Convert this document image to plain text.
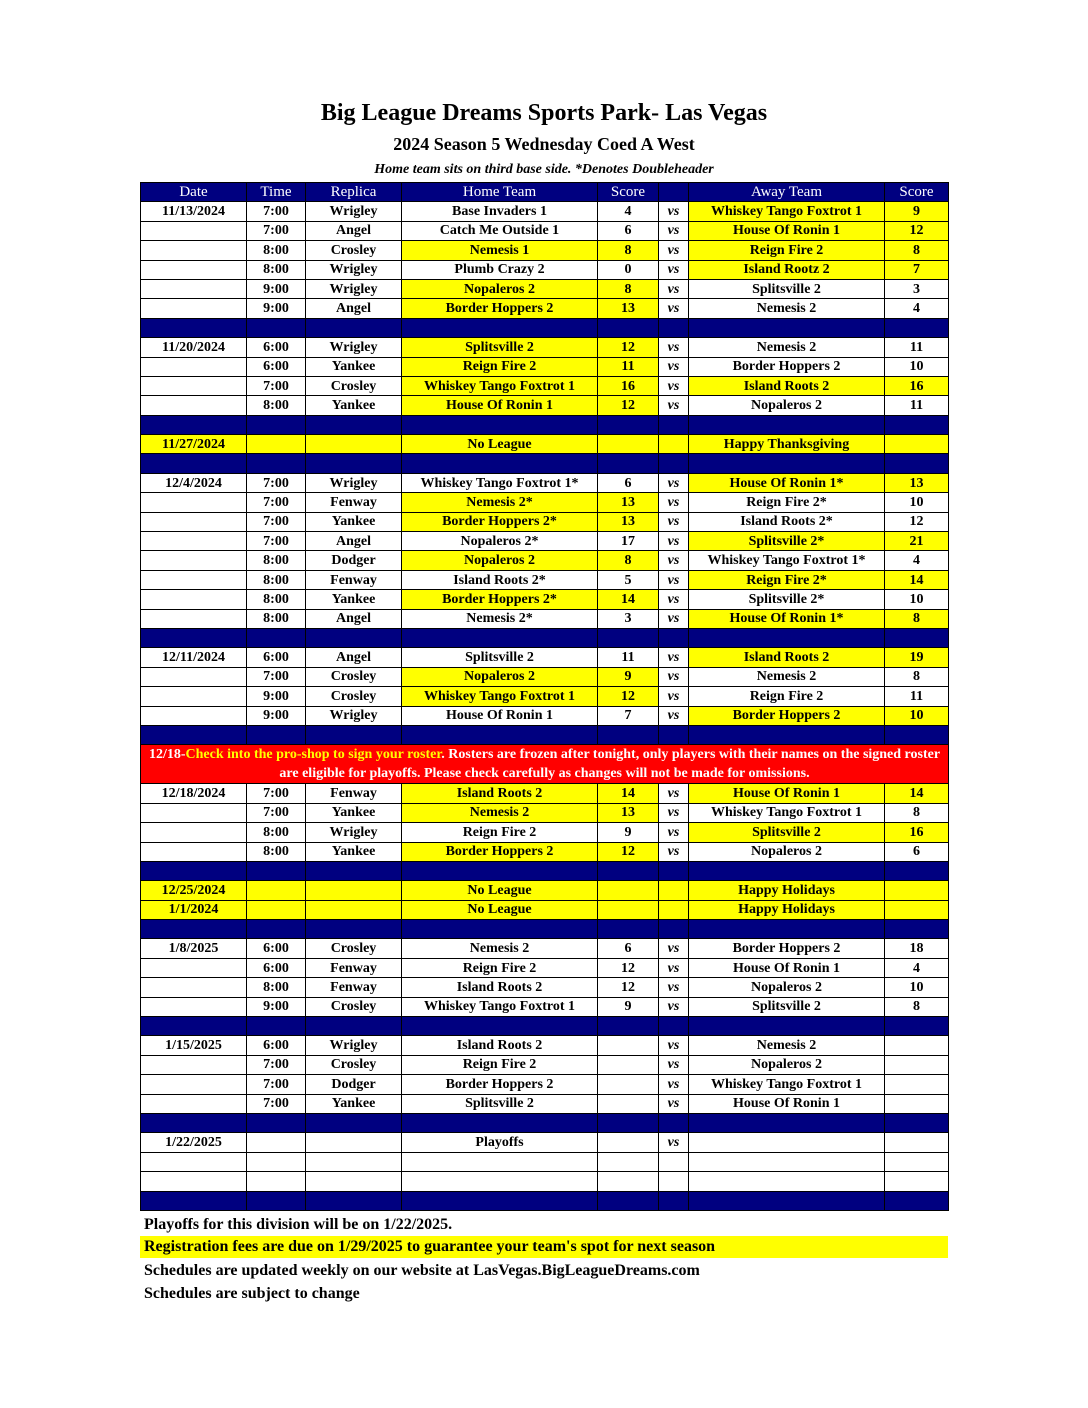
Big League Dreams Sports Park- Las Vegas
2024 Season 5 Wednesday Coed A West
Home team sits on third base side. *Denotes Doubleheader
Date	Time	Replica	Home Team	Score		Away Team	Score
11/13/2024	7:00	Wrigley	Base Invaders 1	4	vs	Whiskey Tango Foxtrot 1	9
	7:00	Angel	Catch Me Outside 1	6	vs	House Of Ronin 1	12
	8:00	Crosley	Nemesis 1	8	vs	Reign Fire 2	8
	8:00	Wrigley	Plumb Crazy 2	0	vs	Island Rootz 2	7
	9:00	Wrigley	Nopaleros 2	8	vs	Splitsville 2	3
	9:00	Angel	Border Hoppers 2	13	vs	Nemesis 2	4

11/20/2024	6:00	Wrigley	Splitsville 2	12	vs	Nemesis 2	11
	6:00	Yankee	Reign Fire 2	11	vs	Border Hoppers 2	10
	7:00	Crosley	Whiskey Tango Foxtrot 1	16	vs	Island Roots 2	16
	8:00	Yankee	House Of Ronin 1	12	vs	Nopaleros 2	11

11/27/2024			No League			Happy Thanksgiving	

12/4/2024	7:00	Wrigley	Whiskey Tango Foxtrot 1*	6	vs	House Of Ronin 1*	13
	7:00	Fenway	Nemesis 2*	13	vs	Reign Fire 2*	10
	7:00	Yankee	Border Hoppers 2*	13	vs	Island Roots 2*	12
	7:00	Angel	Nopaleros 2*	17	vs	Splitsville 2*	21
	8:00	Dodger	Nopaleros 2	8	vs	Whiskey Tango Foxtrot 1*	4
	8:00	Fenway	Island Roots 2*	5	vs	Reign Fire 2*	14
	8:00	Yankee	Border Hoppers 2*	14	vs	Splitsville 2*	10
	8:00	Angel	Nemesis 2*	3	vs	House Of Ronin 1*	8

12/11/2024	6:00	Angel	Splitsville 2	11	vs	Island Roots 2	19
	7:00	Crosley	Nopaleros 2	9	vs	Nemesis 2	8
	9:00	Crosley	Whiskey Tango Foxtrot 1	12	vs	Reign Fire 2	11
	9:00	Wrigley	House Of Ronin 1	7	vs	Border Hoppers 2	10

12/18-Check into the pro-shop to sign your roster. Rosters are frozen after tonight, only players with their names on the signed roster are eligible for playoffs. Please check carefully as changes will not be made for omissions.							
12/18/2024	7:00	Fenway	Island Roots 2	14	vs	House Of Ronin 1	14
	7:00	Yankee	Nemesis 2	13	vs	Whiskey Tango Foxtrot 1	8
	8:00	Wrigley	Reign Fire 2	9	vs	Splitsville 2	16
	8:00	Yankee	Border Hoppers 2	12	vs	Nopaleros 2	6

12/25/2024			No League			Happy Holidays	
1/1/2024			No League			Happy Holidays	

1/8/2025	6:00	Crosley	Nemesis 2	6	vs	Border Hoppers 2	18
	6:00	Fenway	Reign Fire 2	12	vs	House Of Ronin 1	4
	8:00	Fenway	Island Roots 2	12	vs	Nopaleros 2	10
	9:00	Crosley	Whiskey Tango Foxtrot 1	9	vs	Splitsville 2	8

1/15/2025	6:00	Wrigley	Island Roots 2		vs	Nemesis 2	
	7:00	Crosley	Reign Fire 2		vs	Nopaleros 2	
	7:00	Dodger	Border Hoppers 2		vs	Whiskey Tango Foxtrot 1	
	7:00	Yankee	Splitsville 2		vs	House Of Ronin 1	

1/22/2025			Playoffs		vs		

Playoffs for this division will be on 1/22/2025.
Registration fees are due on 1/29/2025 to guarantee your team's spot for next season
Schedules are updated weekly on our website at LasVegas.BigLeagueDreams.com
Schedules are subject to change
